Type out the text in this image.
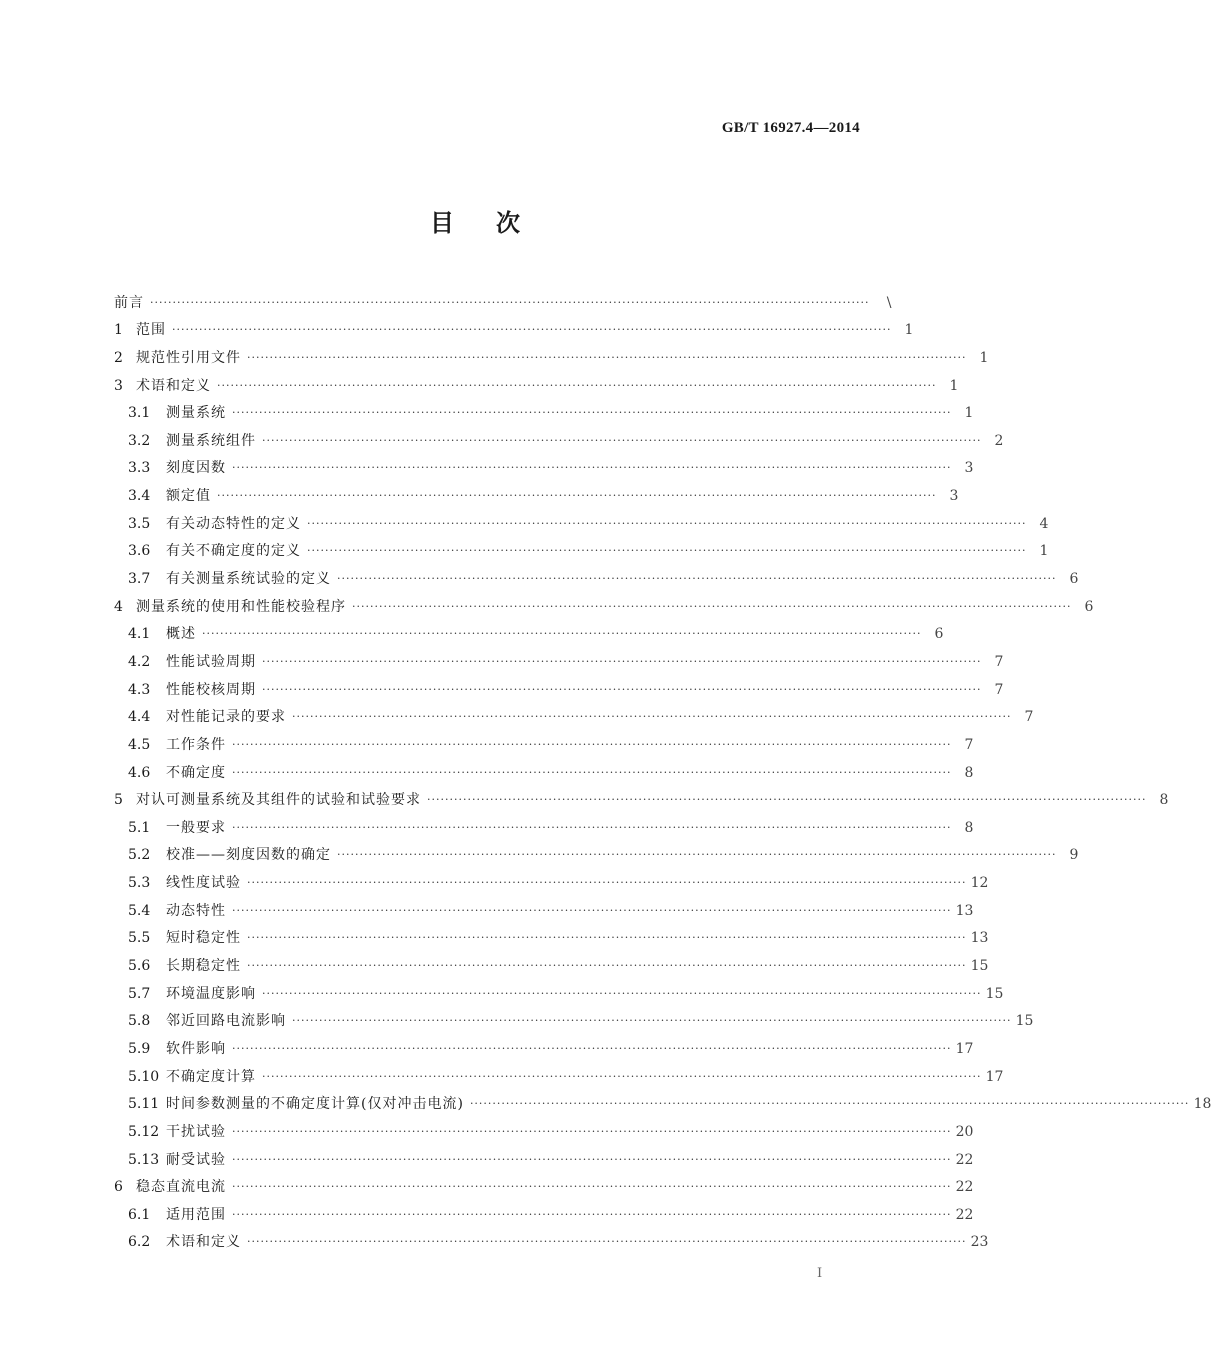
GB/T 16927.4—2014
目 次
前言 ································································································································································	\
1 范围 ································································································································································ 1
2 规范性引用文件 ································································································································································ 1
3 术语和定义 ································································································································································ 1
3.1	测量系统 ································································································································································ 1
3.2	测量系统组件 ································································································································································ 2
3.3	刻度因数 ································································································································································ 3
3.4	额定值 ································································································································································ 3
3.5	有关动态特性的定义 ································································································································································ 4
3.6	有关不确定度的定义 ································································································································································ 1
3.7	有关测量系统试验的定义 ································································································································································ 6
4 测量系统的使用和性能校验程序 ································································································································································ 6
4.1	概述 ································································································································································ 6
4.2	性能试验周期 ································································································································································ 7
4.3	性能校核周期 ································································································································································ 7
4.4	对性能记录的要求 ································································································································································ 7
4.5	工作条件 ································································································································································ 7
4.6	不确定度 ································································································································································ 8
5 对认可测量系统及其组件的试验和试验要求 ································································································································································ 8
5.1	一般要求 ································································································································································ 8
5.2	校准——刻度因数的确定 ································································································································································ 9
5.3	线性度试验 ································································································································································ 12
5.4	动态特性 ································································································································································ 13
5.5	短时稳定性 ································································································································································ 13
5.6	长期稳定性 ································································································································································ 15
5.7	环境温度影响 ································································································································································ 15
5.8	邻近回路电流影响 ································································································································································ 15
5.9	软件影响 ································································································································································ 17
5.10 不确定度计算 ································································································································································ 17
5.11 时间参数测量的不确定度计算(仅对冲击电流) ································································································································································ 18
5.12 干扰试验 ································································································································································ 20
5.13 耐受试验 ································································································································································ 22
6 稳态直流电流 ································································································································································ 22
6.1	适用范围 ································································································································································ 22
6.2	术语和定义 ································································································································································ 23
I
